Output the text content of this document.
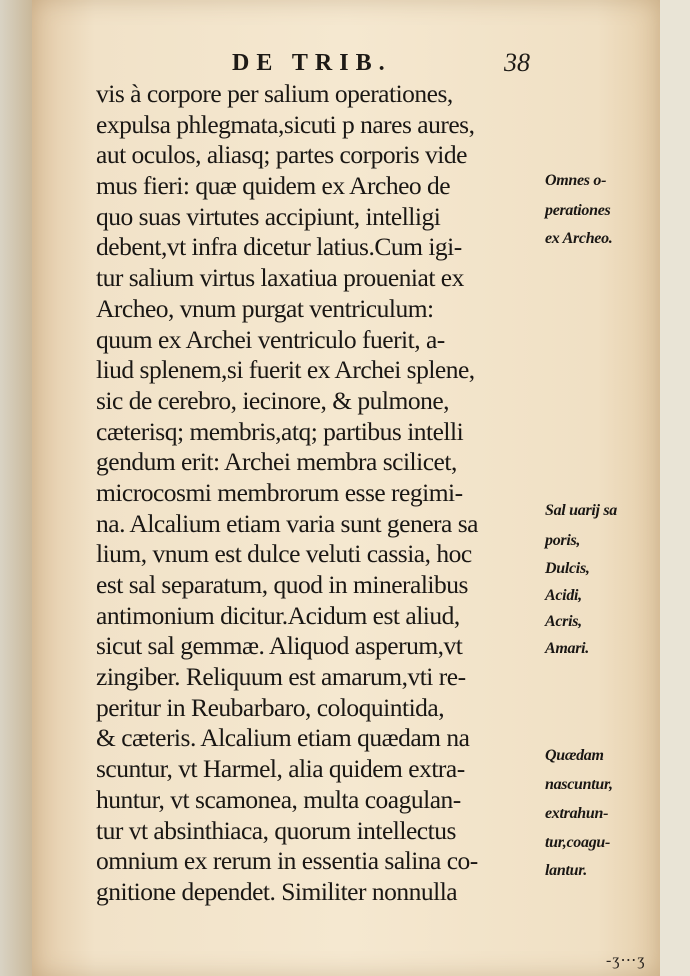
DE TRIB.	38
vis à corpore per salium operationes,
expulsa phlegmata,sicuti p nares aures,
aut oculos, aliasq; partes corporis vide
mus fieri: quæ quidem ex Archeo de
quo suas virtutes accipiunt, intelligi
debent,vt infra dicetur latius.Cum igi-
tur salium virtus laxatiua proueniat ex
Archeo, vnum purgat ventriculum:
quum ex Archei ventriculo fuerit, a-
liud splenem,si fuerit ex Archei splene,
sic de cerebro, iecinore, & pulmone,
cæterisq; membris,atq; partibus intelli
gendum erit: Archei membra scilicet,
microcosmi membrorum esse regimi-
na. Alcalium etiam varia sunt genera sa
lium, vnum est dulce veluti cassia, hoc
est sal separatum, quod in mineralibus
antimonium dicitur.Acidum est aliud,
sicut sal gemmæ. Aliquod asperum,vt
zingiber. Reliquum est amarum,vti re-
peritur in Reubarbaro, coloquintida,
& cæteris. Alcalium etiam quædam na
scuntur, vt Harmel, alia quidem extra-
huntur, vt scamonea, multa coagulan-
tur vt absinthiaca, quorum intellectus
omnium ex rerum in essentia salina co-
gnitione dependet. Similiter nonnulla
Omnes o-
perationes
ex Archeo.
Sal uarij sa
poris,
Dulcis,
Acidi,
Acris,
Amari.
Quædam
nascuntur,
extrahun-
tur,coagu-
lantur.
-ʒ⋯ʒ
